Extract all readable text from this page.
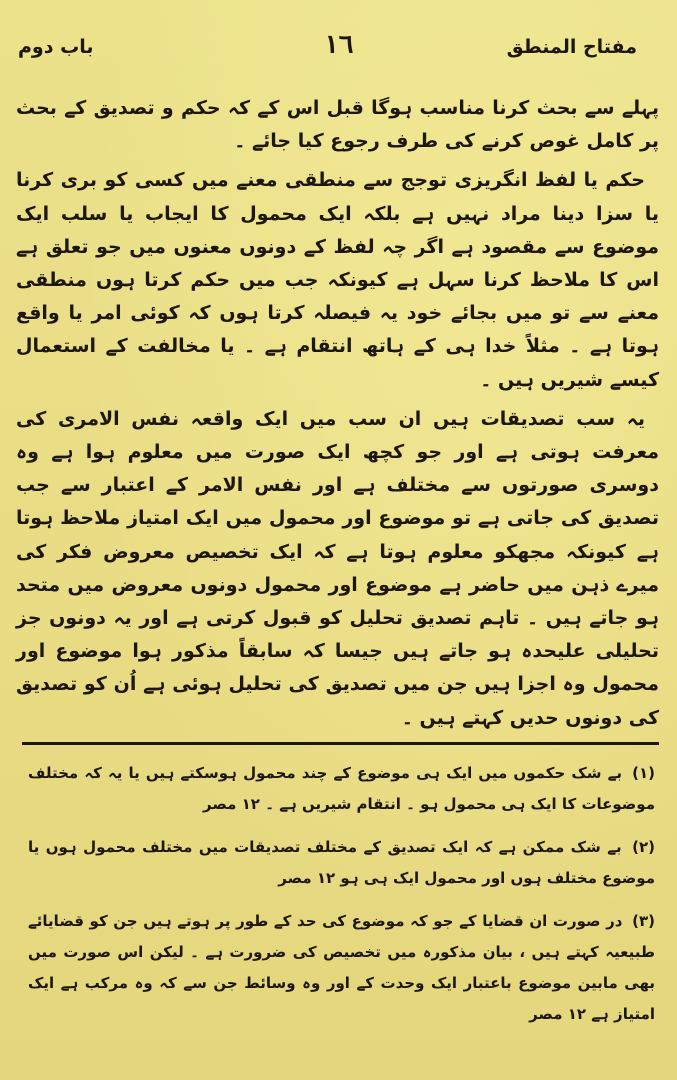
مفتاح المنطق
١٦
باب دوم

پہلے سے بحث کرنا مناسب ہوگا قبل اس کے کہ حکم و تصدیق کے بحث پر کامل غوص کرنے کی طرف رجوع کیا جائے ۔

حکم یا لفظ انگریزی توجج سے منطقی معنے میں کسی کو بری کرنا یا سزا دینا مراد نہیں ہے بلکہ ایک محمول کا ایجاب یا سلب ایک موضوع سے مقصود ہے اگر چہ لفظ کے دونوں معنوں میں جو تعلق ہے اس کا ملاحظ کرنا سہل ہے کیونکہ جب میں حکم کرتا ہوں منطقی معنے سے تو میں بجائے خود یہ فیصلہ کرتا ہوں کہ کوئی امر یا واقع ہوتا ہے ۔ مثلاً خدا ہی کے ہاتھ انتقام ہے ۔ یا مخالفت کے استعمال کیسے شیریں ہیں ۔

یہ سب تصدیقات ہیں ان سب میں ایک واقعہ نفس الامری کی معرفت ہوتی ہے اور جو کچھ ایک صورت میں معلوم ہوا ہے وہ دوسری صورتوں سے مختلف ہے اور نفس الامر کے اعتبار سے جب تصدیق کی جاتی ہے تو موضوع اور محمول میں ایک امتیاز ملاحظ ہوتا ہے کیونکہ مجھکو معلوم ہوتا ہے کہ ایک تخصیص معروض فکر کی میرے ذہن میں حاضر ہے موضوع اور محمول دونوں معروض میں متحد ہو جاتے ہیں ۔ تاہم تصدیق تحلیل کو قبول کرتی ہے اور یہ دونوں جز تحلیلی علیحدہ ہو جاتے ہیں جیسا کہ سابقاً مذکور ہوا موضوع اور محمول وہ اجزا ہیں جن میں تصدیق کی تحلیل ہوئی ہے اُن کو تصدیق کی دونوں حدیں کہتے ہیں ۔

(١) بے شک حکموں میں ایک ہی موضوع کے چند محمول ہوسکتے ہیں یا یہ کہ مختلف موضوعات کا ایک ہی محمول ہو ۔ انتقام شیریں ہے ۔ ١٢ مصر

(٢) بے شک ممکن ہے کہ ایک تصدیق کے مختلف تصدیقات میں مختلف محمول ہوں یا موضوع مختلف ہوں اور محمول ایک ہی ہو ١٢ مصر

(٣) در صورت ان قضایا کے جو کہ موضوع کی حد کے طور پر ہوتے ہیں جن کو قضایائے طبیعیہ کہتے ہیں ، بیان مذکورہ میں تخصیص کی ضرورت ہے ۔ لیکن اس صورت میں بھی مابین موضوع باعتبار ایک وحدت کے اور وہ وسائط جن سے کہ وہ مرکب ہے ایک امتیاز ہے ١٢ مصر
